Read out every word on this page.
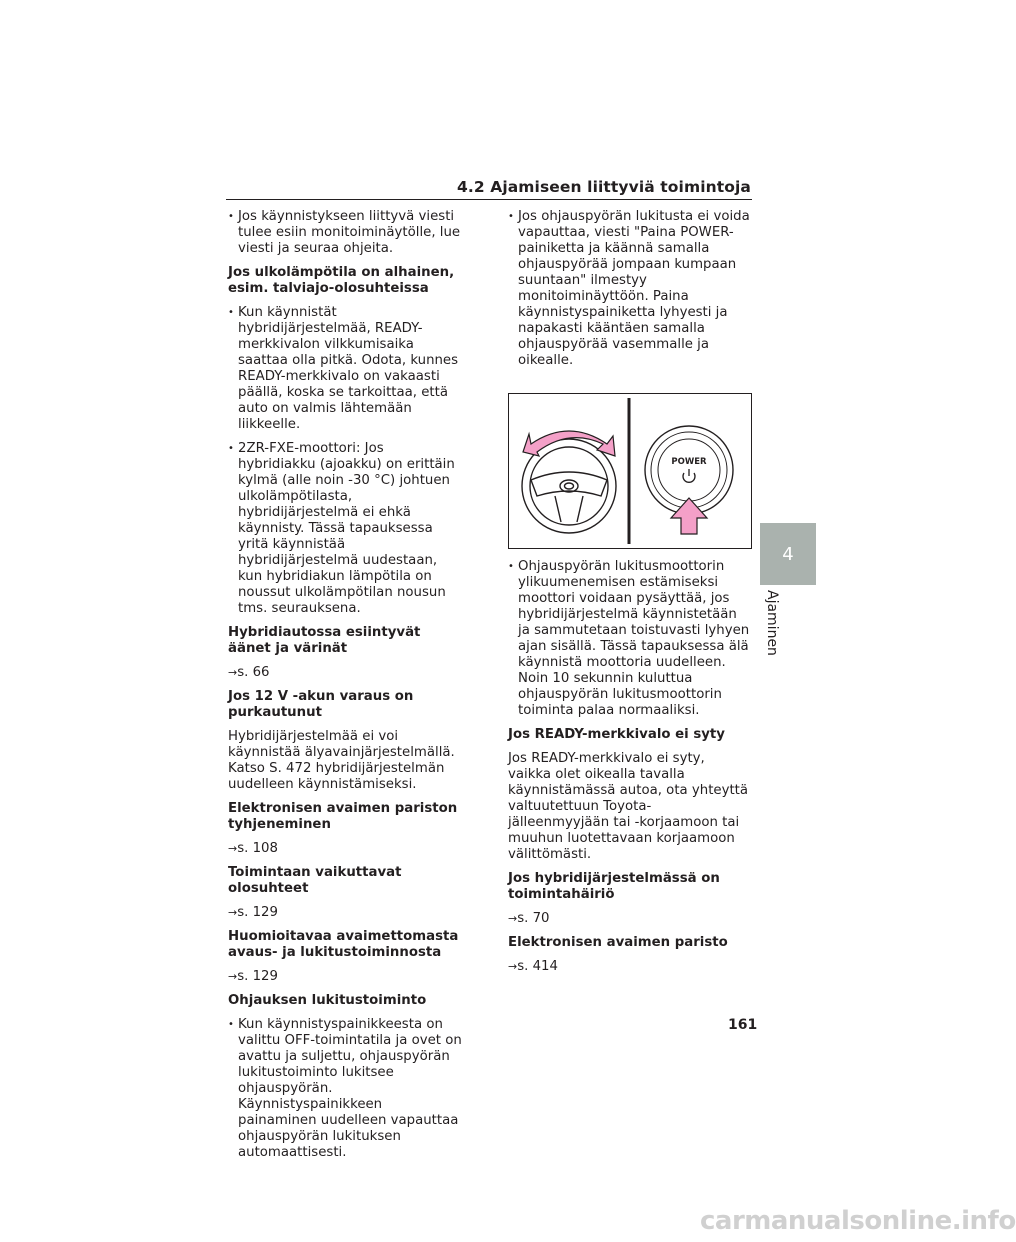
4.2 Ajamiseen liittyviä toimintoja
• Jos käynnistykseen liittyvä viesti tulee esiin monitoiminäytölle, lue viesti ja seuraa ohjeita.
Jos ulkolämpötila on alhainen, esim. talviajo-olosuhteissa
• Kun käynnistät hybridijärjestelmää, READY-merkkivalon vilkkumisaika saattaa olla pitkä. Odota, kunnes READY-merkkivalo on vakaasti päällä, koska se tarkoittaa, että auto on valmis lähtemään liikkeelle.
• 2ZR-FXE-moottori: Jos hybridiakku (ajoakku) on erittäin kylmä (alle noin -30 °C) johtuen ulkolämpötilasta, hybridijärjestelmä ei ehkä käynnisty. Tässä tapauksessa yritä käynnistää hybridijärjestelmä uudestaan, kun hybridiakun lämpötila on noussut ulkolämpötilan nousun tms. seurauksena.
Hybridiautossa esiintyvät äänet ja värinät
→s. 66
Jos 12 V -akun varaus on purkautunut
Hybridijärjestelmää ei voi käynnistää älyavainjärjestelmällä. Katso S. 472 hybridijärjestelmän uudelleen käynnistämiseksi.
Elektronisen avaimen pariston tyhjeneminen
→s. 108
Toimintaan vaikuttavat olosuhteet
→s. 129
Huomioitavaa avaimettomasta avaus- ja lukitustoiminnosta
→s. 129
Ohjauksen lukitustoiminto
• Kun käynnistyspainikkeesta on valittu OFF-toimintatila ja ovet on avattu ja suljettu, ohjauspyörän lukitustoiminto lukitsee ohjauspyörän. Käynnistyspainikkeen painaminen uudelleen vapauttaa ohjauspyörän lukituksen automaattisesti.
• Jos ohjauspyörän lukitusta ei voida vapauttaa, viesti "Paina POWER-painiketta ja käännä samalla ohjauspyörää jompaan kumpaan suuntaan" ilmestyy monitoiminäyttöön. Paina käynnistyspainiketta lyhyesti ja napakasti kääntäen samalla ohjauspyörää vasemmalle ja oikealle.
POWER
• Ohjauspyörän lukitusmoottorin ylikuumenemisen estämiseksi moottori voidaan pysäyttää, jos hybridijärjestelmä käynnistetään ja sammutetaan toistuvasti lyhyen ajan sisällä. Tässä tapauksessa älä käynnistä moottoria uudelleen. Noin 10 sekunnin kuluttua ohjauspyörän lukitusmoottorin toiminta palaa normaaliksi.
Jos READY-merkkivalo ei syty
Jos READY-merkkivalo ei syty, vaikka olet oikealla tavalla käynnistämässä autoa, ota yhteyttä valtuutettuun Toyota-jälleenmyyjään tai -korjaamoon tai muuhun luotettavaan korjaamoon välittömästi.
Jos hybridijärjestelmässä on toimintahäiriö
→s. 70
Elektronisen avaimen paristo
→s. 414
4
Ajaminen
161
carmanualsonline.info
